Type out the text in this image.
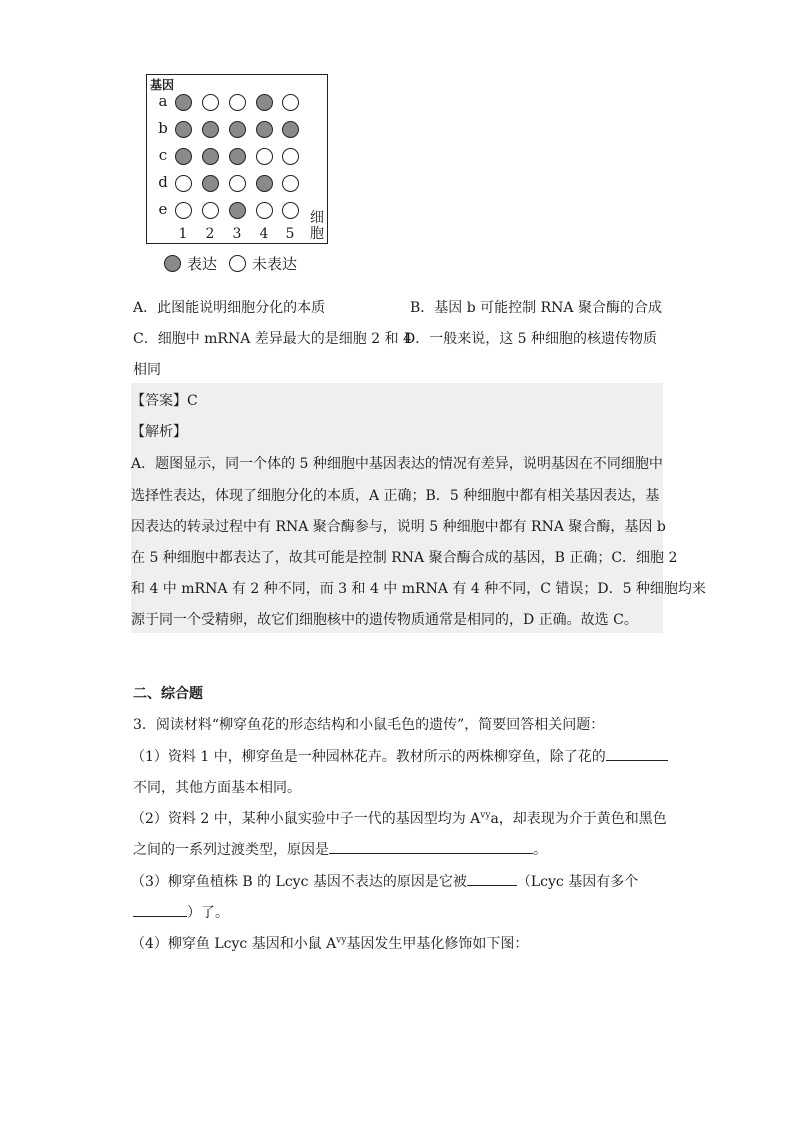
基因
细
胞
表达 未表达
A．此图能说明细胞分化的本质	B．基因 b 可能控制 RNA 聚合酶的合成
C．细胞中 mRNA 差异最大的是细胞 2 和 4
D．一般来说，这 5 种细胞的核遗传物质
相同
【答案】C
【解析】
A．题图显示，同一个体的 5 种细胞中基因表达的情况有差异，说明基因在不同细胞中
选择性表达，体现了细胞分化的本质，A 正确；B．5 种细胞中都有相关基因表达，基
因表达的转录过程中有 RNA 聚合酶参与，说明 5 种细胞中都有 RNA 聚合酶，基因 b
在 5 种细胞中都表达了，故其可能是控制 RNA 聚合酶合成的基因，B 正确；C．细胞 2
和 4 中 mRNA 有 2 种不同，而 3 和 4 中 mRNA 有 4 种不同，C 错误；D．5 种细胞均来
源于同一个受精卵，故它们细胞核中的遗传物质通常是相同的，D 正确。故选 C。
二、综合题
3．阅读材料“柳穿鱼花的形态结构和小鼠毛色的遗传”，简要回答相关问题：
（1）资料 1 中，柳穿鱼是一种园林花卉。教材所示的两株柳穿鱼，除了花的
不同，其他方面基本相同。
（2）资料 2 中，某种小鼠实验中子一代的基因型均为 $A^{vy}a$，却表现为介于黄色和黑色
之间的一系列过渡类型，原因是	。
（3）柳穿鱼植株 B 的 Lcyc 基因不表达的原因是它被	（Lcyc 基因有多个
）了。
（4）柳穿鱼 Lcyc 基因和小鼠 $A^{vy}$基因发生甲基化修饰如下图：
a
b
c
d
e
1 2 3 4 5
